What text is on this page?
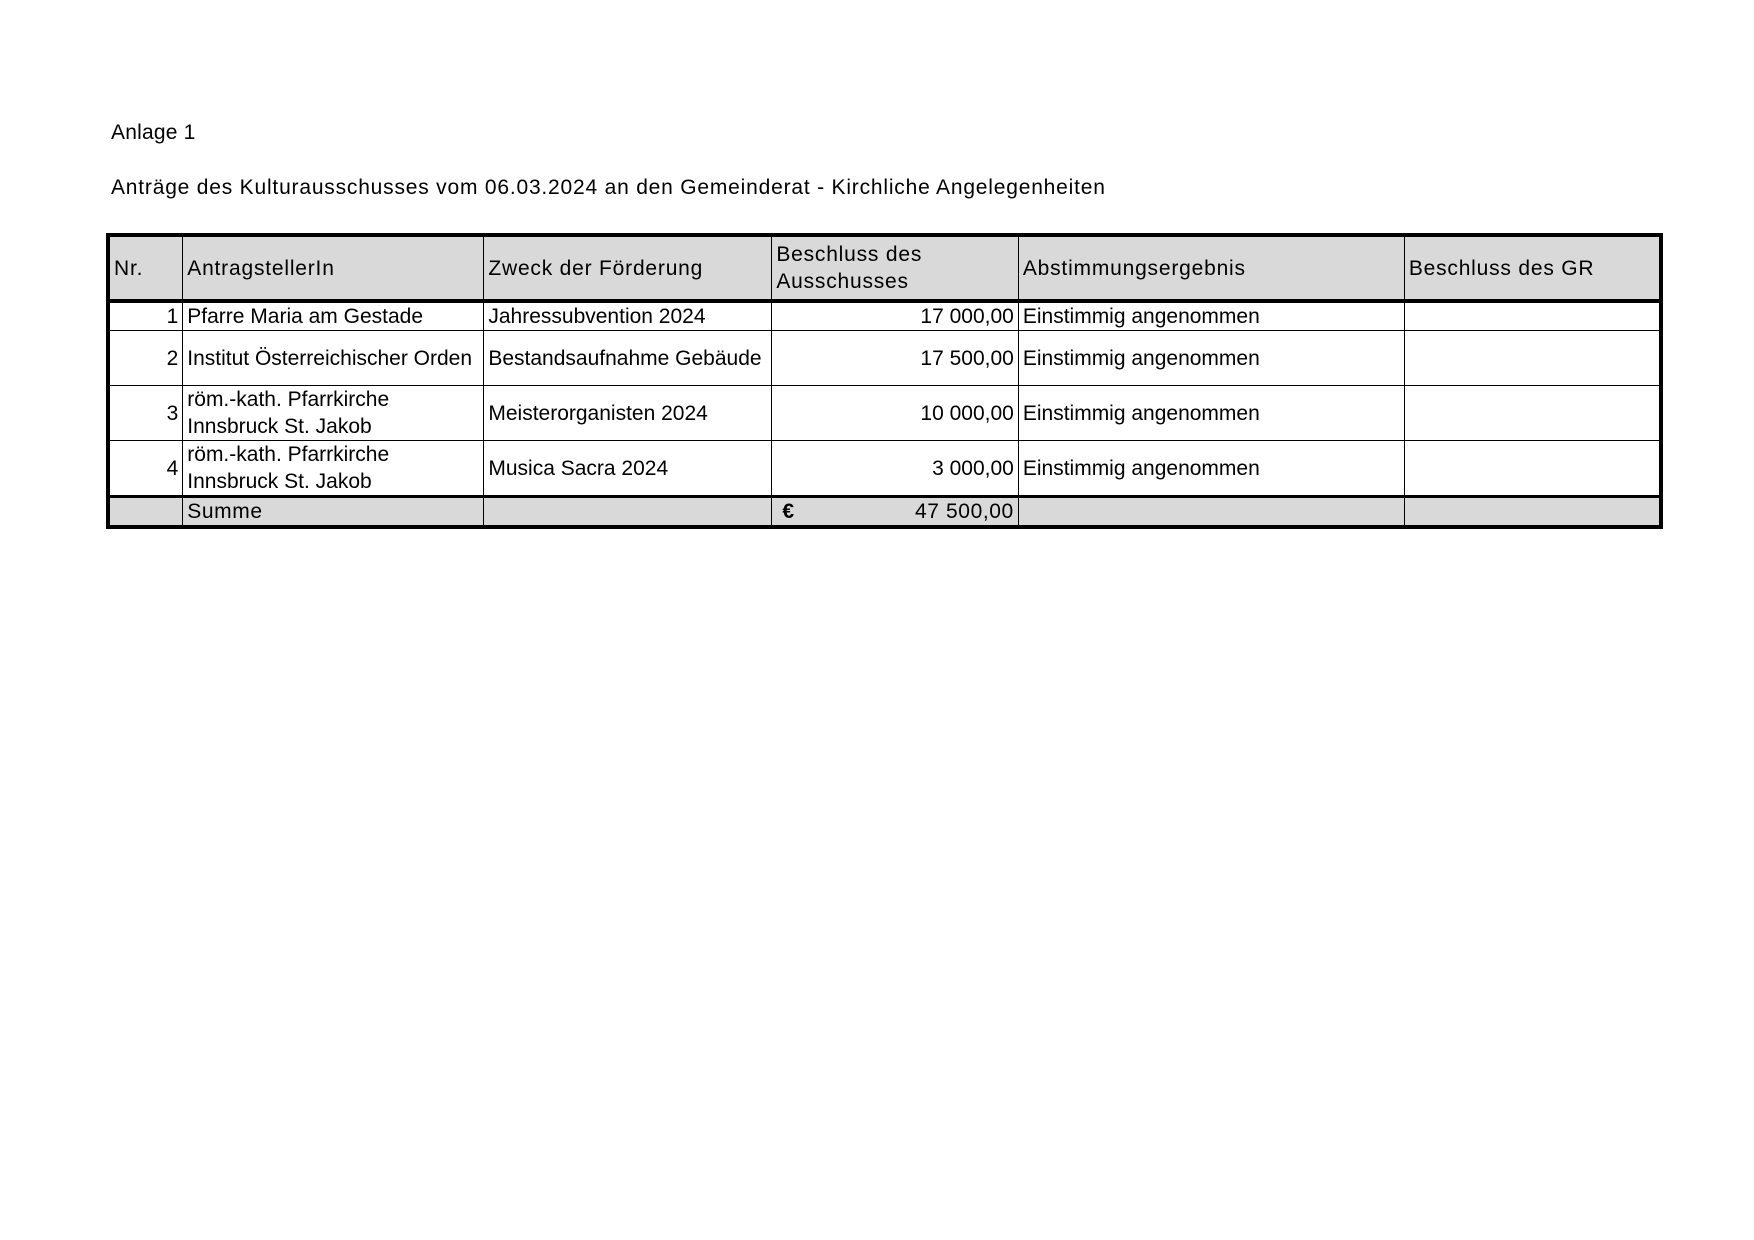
Anlage 1
Anträge des Kulturausschusses vom 06.03.2024 an den Gemeinderat - Kirchliche Angelegenheiten
Nr.	AntragstellerIn	Zweck der Förderung	Beschluss des Ausschusses	Abstimmungsergebnis	Beschluss des GR
1	Pfarre Maria am Gestade	Jahressubvention 2024	17 000,00	Einstimmig angenommen	
2	Institut Österreichischer Orden	Bestandsaufnahme Gebäude	17 500,00	Einstimmig angenommen	
3	röm.-kath. Pfarrkirche Innsbruck St. Jakob	Meisterorganisten 2024	10 000,00	Einstimmig angenommen	
4	röm.-kath. Pfarrkirche Innsbruck St. Jakob	Musica Sacra 2024	3 000,00	Einstimmig angenommen	
	Summe		€ 47 500,00		
